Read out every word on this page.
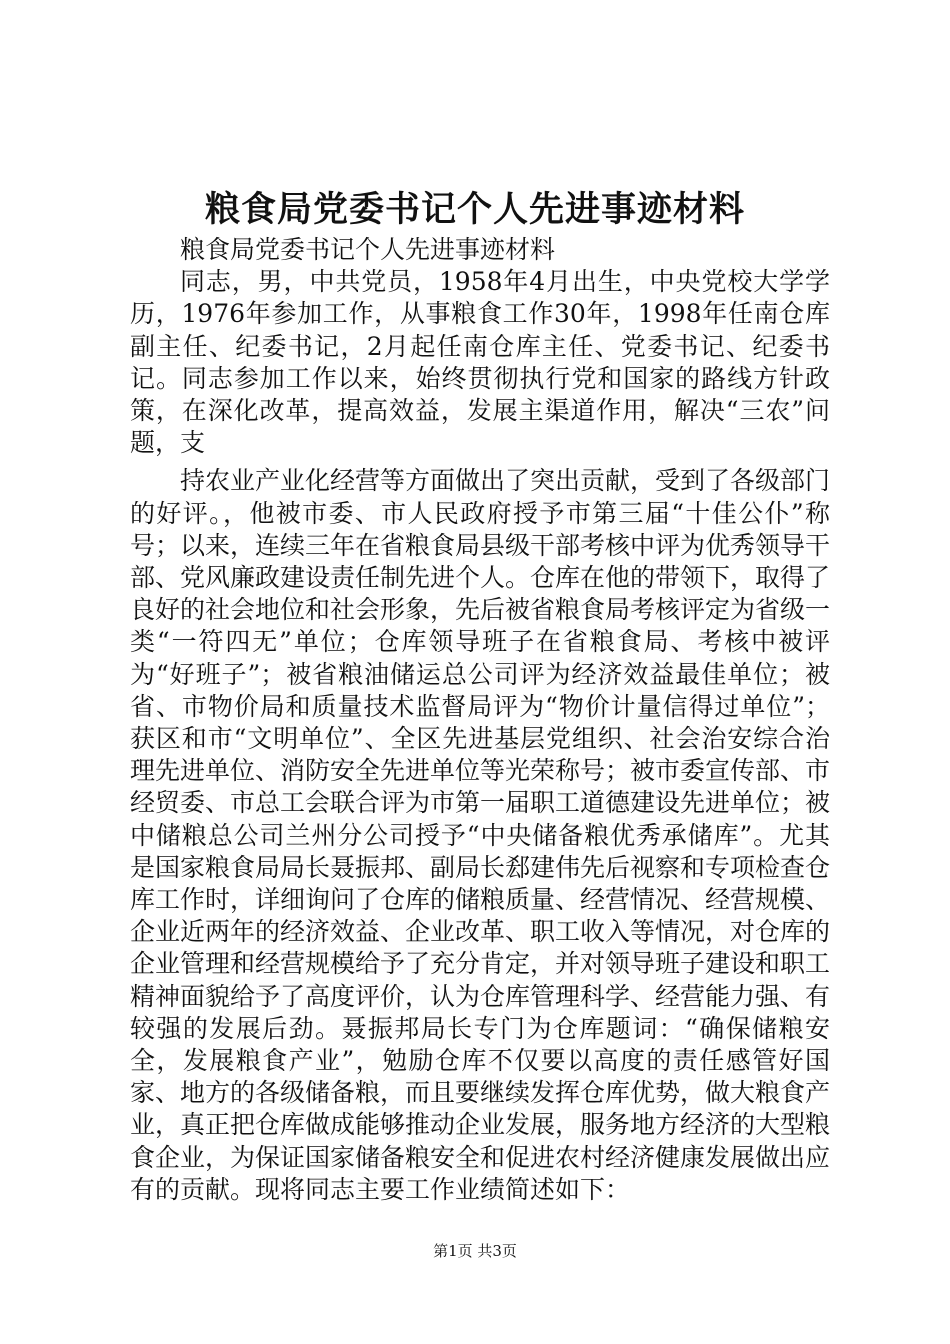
粮食局党委书记个人先进事迹材料

粮食局党委书记个人先进事迹材料

同志，男，中共党员，1958年4月出生，中央党校大学学历，1976年参加工作，从事粮食工作30年，1998年任南仓库副主任、纪委书记，2月起任南仓库主任、党委书记、纪委书记。同志参加工作以来，始终贯彻执行党和国家的路线方针政策，在深化改革，提高效益，发展主渠道作用，解决“三农”问题，支

持农业产业化经营等方面做出了突出贡献，受到了各级部门的好评。，他被市委、市人民政府授予市第三届“十佳公仆”称号；以来，连续三年在省粮食局县级干部考核中评为优秀领导干部、党风廉政建设责任制先进个人。仓库在他的带领下，取得了良好的社会地位和社会形象，先后被省粮食局考核评定为省级一类“一符四无”单位；仓库领导班子在省粮食局、考核中被评为“好班子”；被省粮油储运总公司评为经济效益最佳单位；被省、市物价局和质量技术监督局评为“物价计量信得过单位”；获区和市“文明单位”、全区先进基层党组织、社会治安综合治理先进单位、消防安全先进单位等光荣称号；被市委宣传部、市经贸委、市总工会联合评为市第一届职工道德建设先进单位；被中储粮总公司兰州分公司授予“中央储备粮优秀承储库”。尤其是国家粮食局局长聂振邦、副局长郄建伟先后视察和专项检查仓库工作时，详细询问了仓库的储粮质量、经营情况、经营规模、企业近两年的经济效益、企业改革、职工收入等情况，对仓库的企业管理和经营规模给予了充分肯定，并对领导班子建设和职工精神面貌给予了高度评价，认为仓库管理科学、经营能力强、有较强的发展后劲。聂振邦局长专门为仓库题词：“确保储粮安全，发展粮食产业”，勉励仓库不仅要以高度的责任感管好国家、地方的各级储备粮，而且要继续发挥仓库优势，做大粮食产业，真正把仓库做成能够推动企业发展，服务地方经济的大型粮食企业，为保证国家储备粮安全和促进农村经济健康发展做出应有的贡献。现将同志主要工作业绩简述如下：

第1页 共3页
